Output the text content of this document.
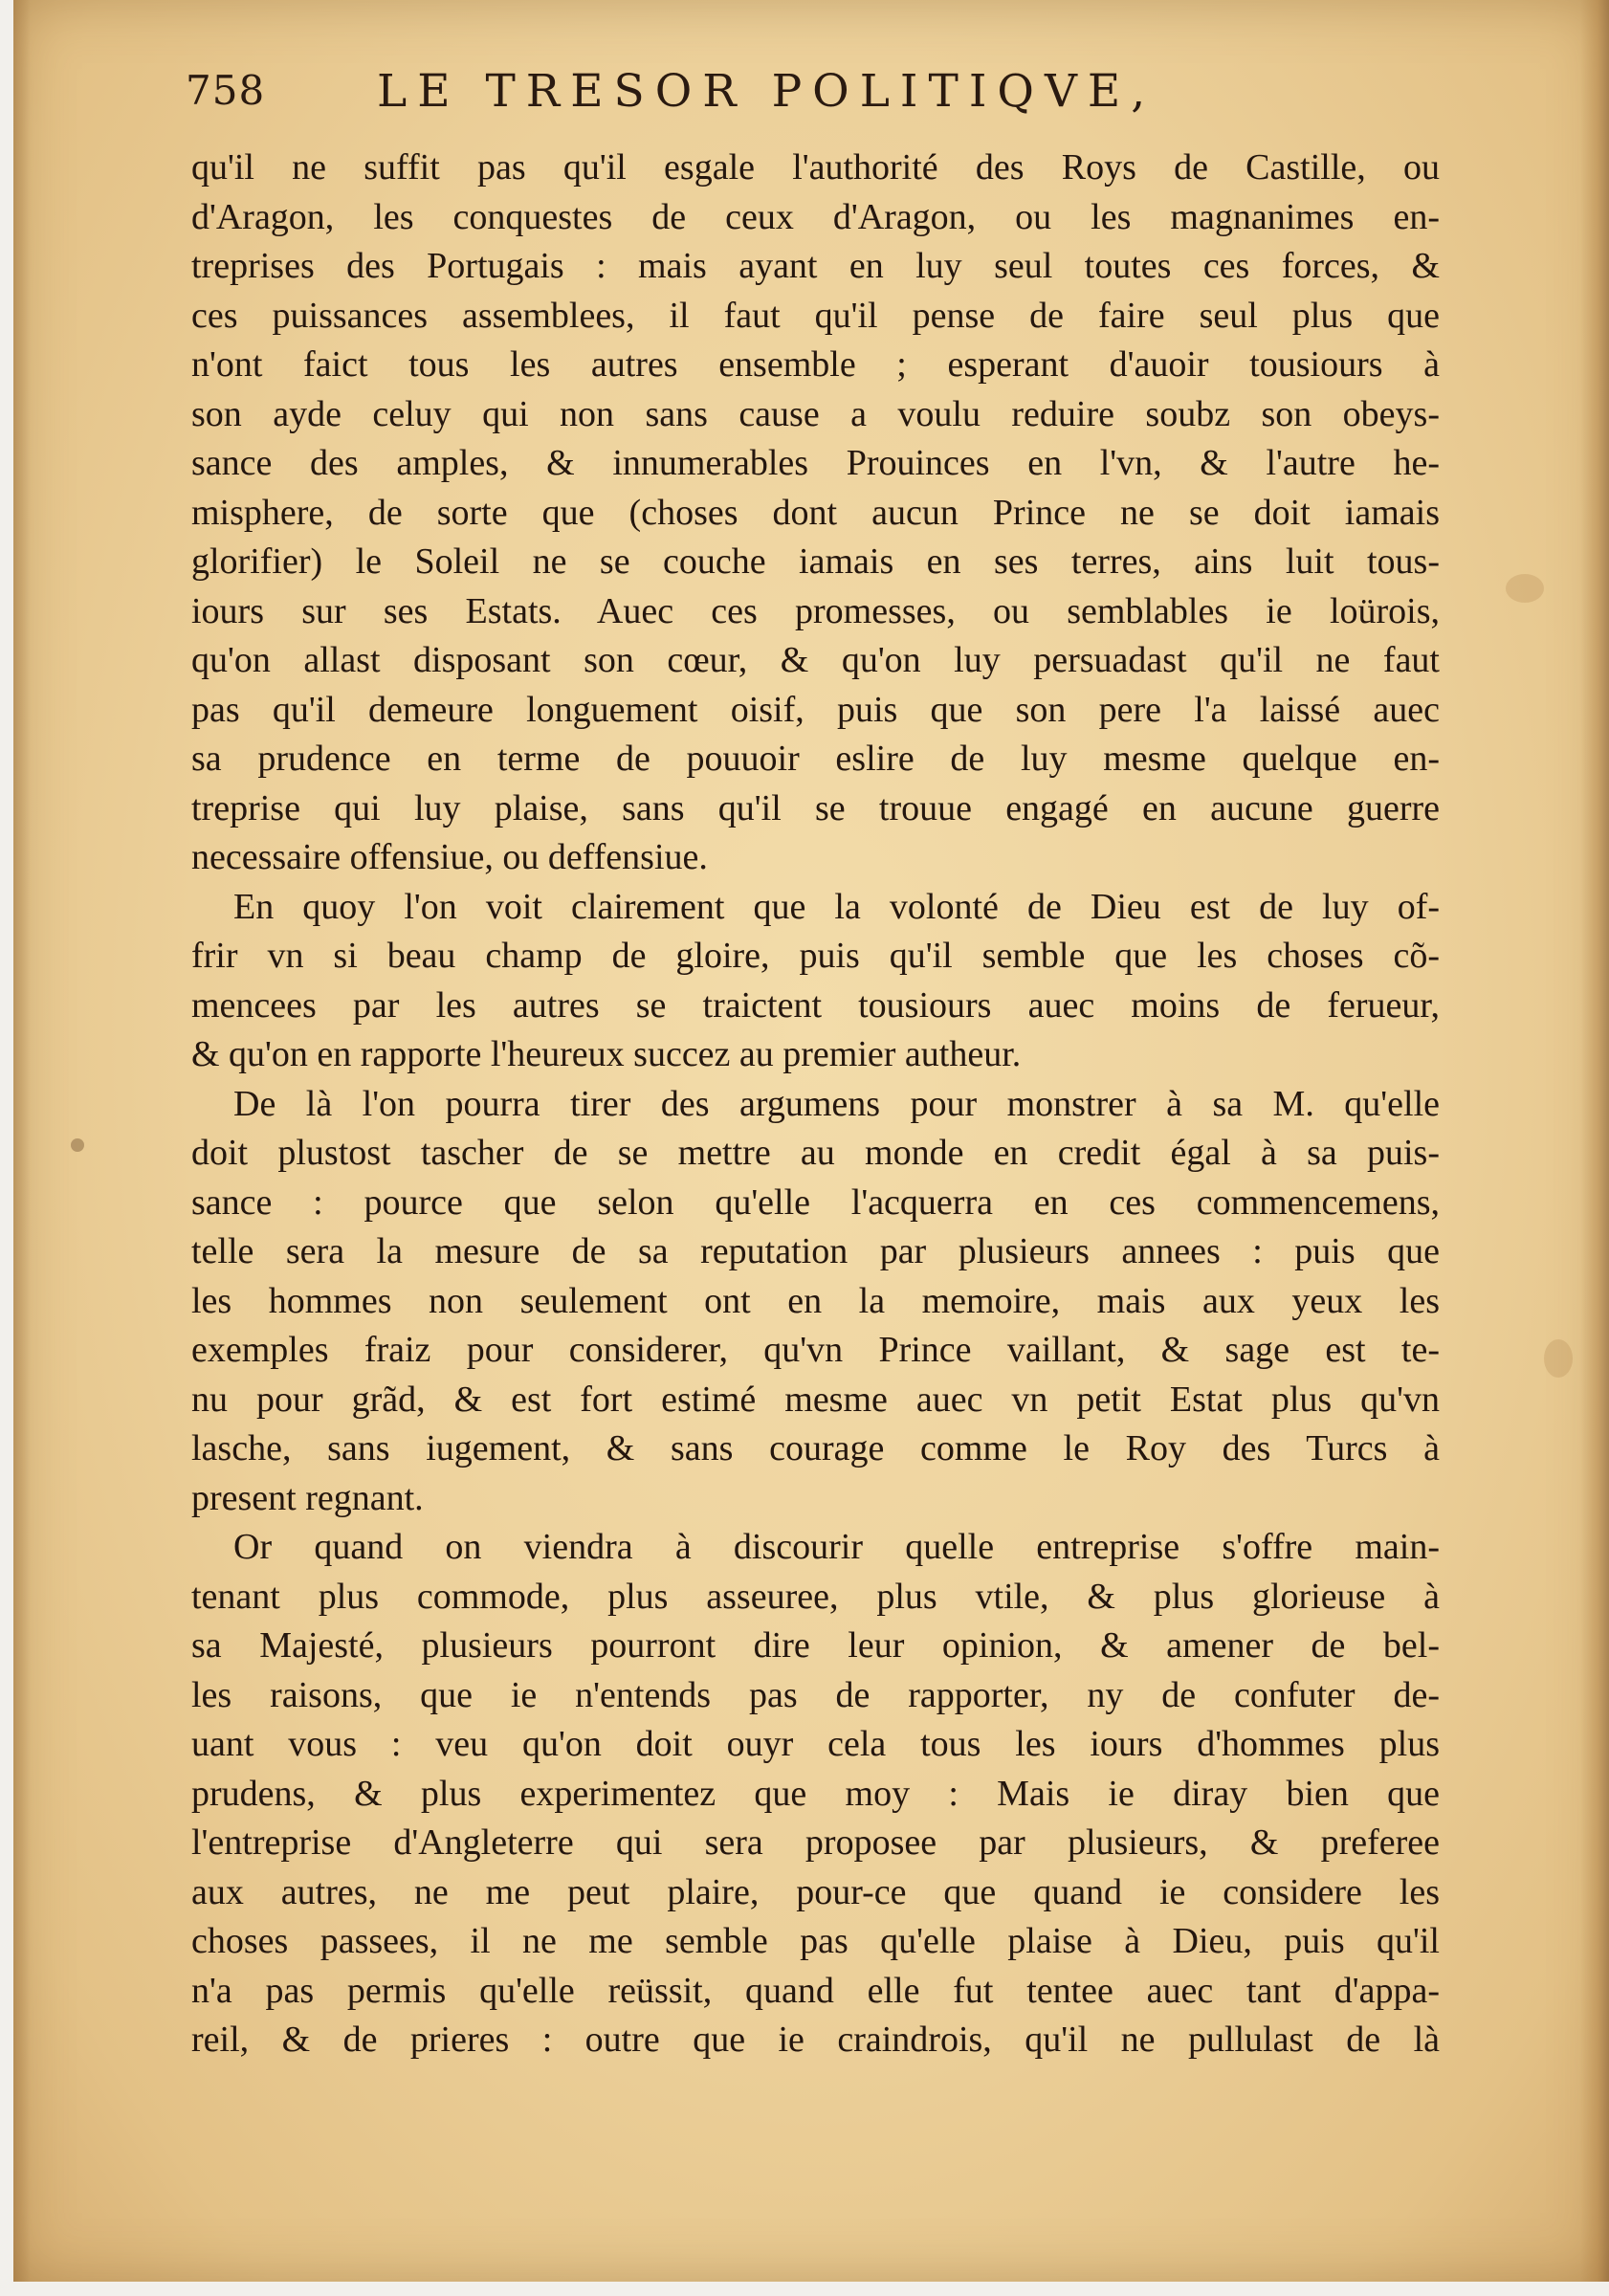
758 LE TRESOR POLITIQVE,
qu'il ne suffit pas qu'il esgale l'authorité des Roys de Castille, ou
d'Aragon, les conquestes de ceux d'Aragon, ou les magnanimes en-
treprises des Portugais : mais ayant en luy seul toutes ces forces, &
ces puissances assemblees, il faut qu'il pense de faire seul plus que
n'ont faict tous les autres ensemble ; esperant d'auoir tousiours à
son ayde celuy qui non sans cause a voulu reduire soubz son obeys-
sance des amples, & innumerables Prouinces en l'vn, & l'autre he-
misphere, de sorte que (choses dont aucun Prince ne se doit iamais
glorifier) le Soleil ne se couche iamais en ses terres, ains luit tous-
iours sur ses Estats. Auec ces promesses, ou semblables ie loürois,
qu'on allast disposant son cœur, & qu'on luy persuadast qu'il ne faut
pas qu'il demeure longuement oisif, puis que son pere l'a laissé auec
sa prudence en terme de pouuoir eslire de luy mesme quelque en-
treprise qui luy plaise, sans qu'il se trouue engagé en aucune guerre
necessaire offensiue, ou deffensiue.
En quoy l'on voit clairement que la volonté de Dieu est de luy of-
frir vn si beau champ de gloire, puis qu'il semble que les choses cõ-
mencees par les autres se traictent tousiours auec moins de ferueur,
& qu'on en rapporte l'heureux succez au premier autheur.
De là l'on pourra tirer des argumens pour monstrer à sa M. qu'elle
doit plustost tascher de se mettre au monde en credit égal à sa puis-
sance : pource que selon qu'elle l'acquerra en ces commencemens,
telle sera la mesure de sa reputation par plusieurs annees : puis que
les hommes non seulement ont en la memoire, mais aux yeux les
exemples fraiz pour considerer, qu'vn Prince vaillant, & sage est te-
nu pour grãd, & est fort estimé mesme auec vn petit Estat plus qu'vn
lasche, sans iugement, & sans courage comme le Roy des Turcs à
present regnant.
Or quand on viendra à discourir quelle entreprise s'offre main-
tenant plus commode, plus asseuree, plus vtile, & plus glorieuse à
sa Majesté, plusieurs pourront dire leur opinion, & amener de bel-
les raisons, que ie n'entends pas de rapporter, ny de confuter de-
uant vous : veu qu'on doit ouyr cela tous les iours d'hommes plus
prudens, & plus experimentez que moy : Mais ie diray bien que
l'entreprise d'Angleterre qui sera proposee par plusieurs, & preferee
aux autres, ne me peut plaire, pour-ce que quand ie considere les
choses passees, il ne me semble pas qu'elle plaise à Dieu, puis qu'il
n'a pas permis qu'elle reüssit, quand elle fut tentee auec tant d'appa-
reil, & de prieres : outre que ie craindrois, qu'il ne pullulast de là
